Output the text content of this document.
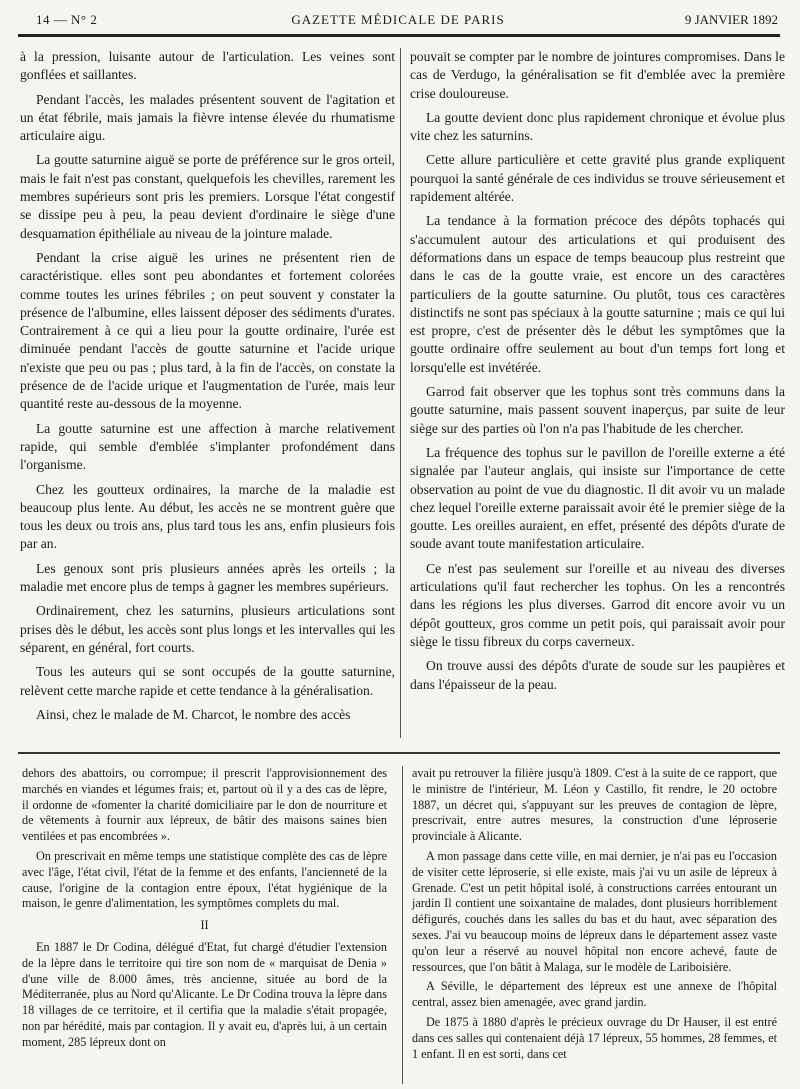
14 — N° 2	GAZETTE MÉDICALE DE PARIS	9 JANVIER 1892

à la pression, luisante autour de l'articulation. Les veines sont gonflées et saillantes.

Pendant l'accès, les malades présentent souvent de l'agitation et un état fébrile, mais jamais la fièvre intense élevée du rhumatisme articulaire aigu.

La goutte saturnine aiguë se porte de préférence sur le gros orteil, mais le fait n'est pas constant, quelquefois les chevilles, rarement les membres supérieurs sont pris les premiers. Lorsque l'état congestif se dissipe peu à peu, la peau devient d'ordinaire le siège d'une desquamation épithéliale au niveau de la jointure malade.

Pendant la crise aiguë les urines ne présentent rien de caractéristique. elles sont peu abondantes et fortement colorées comme toutes les urines fébriles ; on peut souvent y constater la présence de l'albumine, elles laissent déposer des sédiments d'urates. Contrairement à ce qui a lieu pour la goutte ordinaire, l'urée est diminuée pendant l'accès de goutte saturnine et l'acide urique n'existe que peu ou pas ; plus tard, à la fin de l'accès, on constate la présence de de l'acide urique et l'augmentation de l'urée, mais leur quantité reste au-dessous de la moyenne.

La goutte saturnine est une affection à marche relativement rapide, qui semble d'emblée s'implanter profondément dans l'organisme.

Chez les goutteux ordinaires, la marche de la maladie est beaucoup plus lente. Au début, les accès ne se montrent guère que tous les deux ou trois ans, plus tard tous les ans, enfin plusieurs fois par an.

Les genoux sont pris plusieurs années après les orteils ; la maladie met encore plus de temps à gagner les membres supérieurs.

Ordinairement, chez les saturnins, plusieurs articulations sont prises dès le début, les accès sont plus longs et les intervalles qui les séparent, en général, fort courts.

Tous les auteurs qui se sont occupés de la goutte saturnine, relèvent cette marche rapide et cette tendance à la généralisation.

Ainsi, chez le malade de M. Charcot, le nombre des accès

pouvait se compter par le nombre de jointures compromises. Dans le cas de Verdugo, la généralisation se fit d'emblée avec la première crise douloureuse.

La goutte devient donc plus rapidement chronique et évolue plus vite chez les saturnins.

Cette allure particulière et cette gravité plus grande expliquent pourquoi la santé générale de ces individus se trouve sérieusement et rapidement altérée.

La tendance à la formation précoce des dépôts tophacés qui s'accumulent autour des articulations et qui produisent des déformations dans un espace de temps beaucoup plus restreint que dans le cas de la goutte vraie, est encore un des caractères particuliers de la goutte saturnine. Ou plutôt, tous ces caractères distinctifs ne sont pas spéciaux à la goutte saturnine ; mais ce qui lui est propre, c'est de présenter dès le début les symptômes que la goutte ordinaire offre seulement au bout d'un temps fort long et lorsqu'elle est invétérée.

Garrod fait observer que les tophus sont très communs dans la goutte saturnine, mais passent souvent inaperçus, par suite de leur siège sur des parties où l'on n'a pas l'habitude de les chercher.

La fréquence des tophus sur le pavillon de l'oreille externe a été signalée par l'auteur anglais, qui insiste sur l'importance de cette observation au point de vue du diagnostic. Il dit avoir vu un malade chez lequel l'oreille externe paraissait avoir été le premier siège de la goutte. Les oreilles auraient, en effet, présenté des dépôts d'urate de soude avant toute manifestation articulaire.

Ce n'est pas seulement sur l'oreille et au niveau des diverses articulations qu'il faut rechercher les tophus. On les a rencontrés dans les régions les plus diverses. Garrod dit encore avoir vu un dépôt goutteux, gros comme un petit pois, qui paraissait avoir pour siège le tissu fibreux du corps caverneux.

On trouve aussi des dépôts d'urate de soude sur les paupières et dans l'épaisseur de la peau.

dehors des abattoirs, ou corrompue; il prescrit l'approvisionnement des marchés en viandes et légumes frais; et, partout où il y a des cas de lèpre, il ordonne de «fomenter la charité domiciliaire par le don de nourriture et de vêtements à fournir aux lépreux, de bâtir des maisons saines bien ventilées et pas encombrées ».

On prescrivait en même temps une statistique complète des cas de lèpre avec l'âge, l'état civil, l'état de la femme et des enfants, l'ancienneté de la cause, l'origine de la contagion entre époux, l'état hygiénique de la maison, le genre d'alimentation, les symptômes complets du mal.

II

En 1887 le Dr Codina, délégué d'Etat, fut chargé d'étudier l'extension de la lèpre dans le territoire qui tire son nom de « marquisat de Denia » d'une ville de 8.000 âmes, très ancienne, située au bord de la Méditerranée, plus au Nord qu'Alicante. Le Dr Codina trouva la lèpre dans 18 villages de ce territoire, et il certifia que la maladie s'était propagée, non par hérédité, mais par contagion. Il y avait eu, d'après lui, à un certain moment, 285 lépreux dont on

avait pu retrouver la filière jusqu'à 1809. C'est à la suite de ce rapport, que le ministre de l'intérieur, M. Léon y Castillo, fit rendre, le 20 octobre 1887, un décret qui, s'appuyant sur les preuves de contagion de lèpre, prescrivait, entre autres mesures, la construction d'une léproserie provinciale à Alicante.

A mon passage dans cette ville, en mai dernier, je n'ai pas eu l'occasion de visiter cette léproserie, si elle existe, mais j'ai vu un asile de lépreux à Grenade. C'est un petit hôpital isolé, à constructions carrées entourant un jardin Il contient une soixantaine de malades, dont plusieurs horriblement défigurés, couchés dans les salles du bas et du haut, avec séparation des sexes. J'ai vu beaucoup moins de lépreux dans le département assez vaste qu'on leur a réservé au nouvel hôpital non encore achevé, faute de ressources, que l'on bâtit à Malaga, sur le modèle de Lariboisière.

A Séville, le département des lépreux est une annexe de l'hôpital central, assez bien amenagée, avec grand jardin.

De 1875 à 1880 d'après le précieux ouvrage du Dr Hauser, il est entré dans ces salles qui contenaient déjà 17 lépreux, 55 hommes, 28 femmes, et 1 enfant. Il en est sorti, dans cet
